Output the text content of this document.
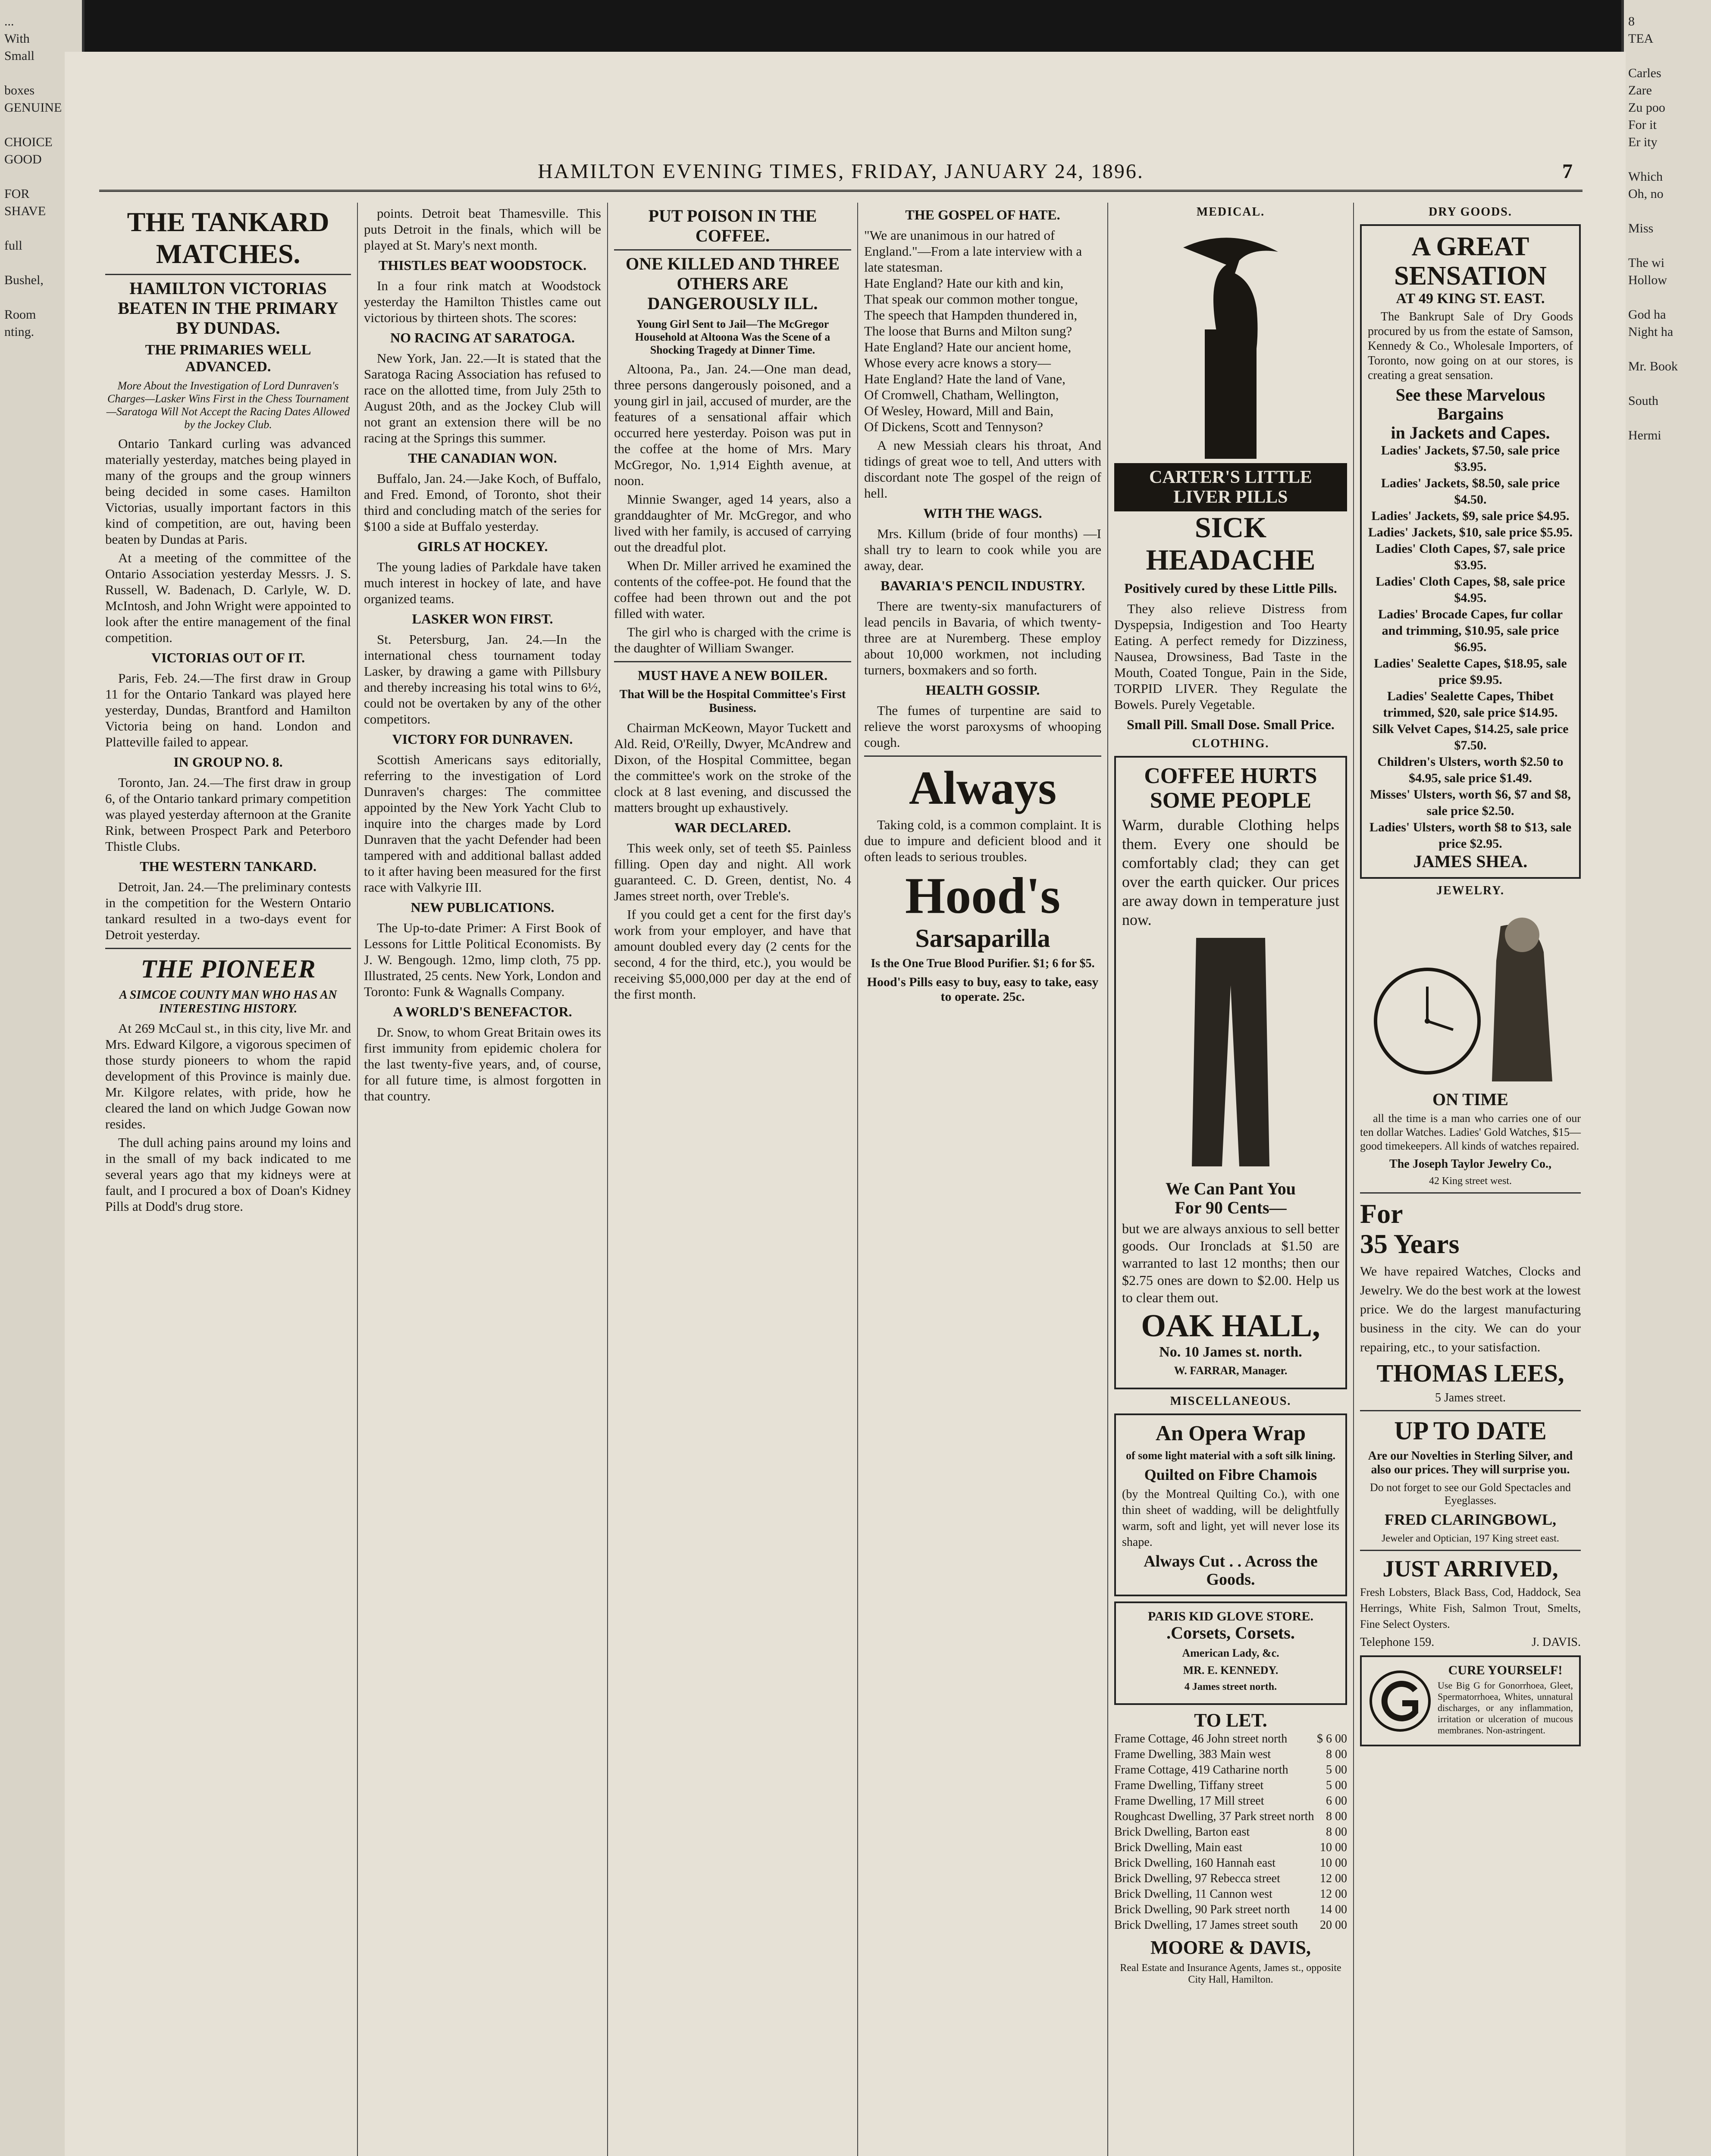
...
With
Small

boxes
GENUINE

CHOICE
GOOD

FOR
SHAVE

full

Bushel,

Room
nting.
8
TEA

Carles
Zare
Zu poo
For it
Er ity

Which
Oh, no

Miss

The wi
Hollow

God ha
Night ha

Mr. Book

South

Hermi
HAMILTON EVENING TIMES, FRIDAY, JANUARY 24, 1896.	7
THE TANKARD MATCHES.
HAMILTON VICTORIAS BEATEN IN THE PRIMARY BY DUNDAS.
THE PRIMARIES WELL ADVANCED.
More About the Investigation of Lord Dunraven's Charges—Lasker Wins First in the Chess Tournament—Saratoga Will Not Accept the Racing Dates Allowed by the Jockey Club.

Ontario Tankard curling was advanced materially yesterday, matches being played in many of the groups and the group winners being decided in some cases. Hamilton Victorias, usually important factors in this kind of competition, are out, having been beaten by Dundas at Paris.

At a meeting of the committee of the Ontario Association yesterday Messrs. J. S. Russell, W. Badenach, D. Carlyle, W. D. McIntosh, and John Wright were appointed to look after the entire management of the final competition.

VICTORIAS OUT OF IT.

Paris, Feb. 24.—The first draw in Group 11 for the Ontario Tankard was played here yesterday, Dundas, Brantford and Hamilton Victoria being on hand. London and Platteville failed to appear.

IN GROUP NO. 8.

Toronto, Jan. 24.—The first draw in group 6, of the Ontario tankard primary competition was played yesterday afternoon at the Granite Rink, between Prospect Park and Peterboro Thistle Clubs.

THE WESTERN TANKARD.

Detroit, Jan. 24.—The preliminary contests in the competition for the Western Ontario tankard resulted in a two-days event for Detroit yesterday.

THE PIONEER
A SIMCOE COUNTY MAN WHO HAS AN INTERESTING HISTORY.

At 269 McCaul st., in this city, live Mr. and Mrs. Edward Kilgore, a vigorous specimen of those sturdy pioneers to whom the rapid development of this Province is mainly due. Mr. Kilgore relates, with pride, how he cleared the land on which Judge Gowan now resides.

The dull aching pains around my loins and in the small of my back indicated to me several years ago that my kidneys were at fault, and I procured a box of Doan's Kidney Pills at Dodd's drug store.

points. Detroit beat Thamesville. This puts Detroit in the finals, which will be played at St. Mary's next month.

THISTLES BEAT WOODSTOCK.

In a four rink match at Woodstock yesterday the Hamilton Thistles came out victorious by thirteen shots. The scores:

NO RACING AT SARATOGA.

New York, Jan. 22.—It is stated that the Saratoga Racing Association has refused to race on the allotted time, from July 25th to August 20th, and as the Jockey Club will not grant an extension there will be no racing at the Springs this summer.

THE CANADIAN WON.

Buffalo, Jan. 24.—Jake Koch, of Buffalo, and Fred. Emond, of Toronto, shot their third and concluding match of the series for $100 a side at Buffalo yesterday.

GIRLS AT HOCKEY.

The young ladies of Parkdale have taken much interest in hockey of late, and have organized teams.

LASKER WON FIRST.

St. Petersburg, Jan. 24.—In the international chess tournament today Lasker, by drawing a game with Pillsbury and thereby increasing his total wins to 6½, could not be overtaken by any of the other competitors.

VICTORY FOR DUNRAVEN.

Scottish Americans says editorially, referring to the investigation of Lord Dunraven's charges: The committee appointed by the New York Yacht Club to inquire into the charges made by Lord Dunraven that the yacht Defender had been tampered with and additional ballast added to it after having been measured for the first race with Valkyrie III.

NEW PUBLICATIONS.

The Up-to-date Primer: A First Book of Lessons for Little Political Economists. By J. W. Bengough. 12mo, limp cloth, 75 pp. Illustrated, 25 cents. New York, London and Toronto: Funk & Wagnalls Company.

A WORLD'S BENEFACTOR.

Dr. Snow, to whom Great Britain owes its first immunity from epidemic cholera for the last twenty-five years, and, of course, for all future time, is almost forgotten in that country.

PUT POISON IN THE COFFEE.
ONE KILLED AND THREE OTHERS ARE DANGEROUSLY ILL.
Young Girl Sent to Jail—The McGregor Household at Altoona Was the Scene of a Shocking Tragedy at Dinner Time.

Altoona, Pa., Jan. 24.—One man dead, three persons dangerously poisoned, and a young girl in jail, accused of murder, are the features of a sensational affair which occurred here yesterday. Poison was put in the coffee at the home of Mrs. Mary McGregor, No. 1,914 Eighth avenue, at noon.

Minnie Swanger, aged 14 years, also a granddaughter of Mr. McGregor, and who lived with her family, is accused of carrying out the dreadful plot.

When Dr. Miller arrived he examined the contents of the coffee-pot. He found that the coffee had been thrown out and the pot filled with water.

The girl who is charged with the crime is the daughter of William Swanger.

MUST HAVE A NEW BOILER.
That Will be the Hospital Committee's First Business.

Chairman McKeown, Mayor Tuckett and Ald. Reid, O'Reilly, Dwyer, McAndrew and Dixon, of the Hospital Committee, began the committee's work on the stroke of the clock at 8 last evening, and discussed the matters brought up exhaustively.

WAR DECLARED.

This week only, set of teeth $5. Painless filling. Open day and night. All work guaranteed. C. D. Green, dentist, No. 4 James street north, over Treble's.

If you could get a cent for the first day's work from your employer, and have that amount doubled every day (2 cents for the second, 4 for the third, etc.), you would be receiving $5,000,000 per day at the end of the first month.

THE GOSPEL OF HATE.

"We are unanimous in our hatred of England."—From a late interview with a late statesman.
Hate England? Hate our kith and kin,
That speak our common mother tongue,
The speech that Hampden thundered in,
The loose that Burns and Milton sung?
Hate England? Hate our ancient home,
Whose every acre knows a story—
Hate England? Hate the land of Vane,
Of Cromwell, Chatham, Wellington,
Of Wesley, Howard, Mill and Bain,
Of Dickens, Scott and Tennyson?

A new Messiah clears his throat, And tidings of great woe to tell, And utters with discordant note The gospel of the reign of hell.

WITH THE WAGS.

Mrs. Killum (bride of four months) —I shall try to learn to cook while you are away, dear.

BAVARIA'S PENCIL INDUSTRY.

There are twenty-six manufacturers of lead pencils in Bavaria, of which twenty-three are at Nuremberg. These employ about 10,000 workmen, not including turners, boxmakers and so forth.

HEALTH GOSSIP.

The fumes of turpentine are said to relieve the worst paroxysms of whooping cough.

Always

Taking cold, is a common complaint. It is due to impure and deficient blood and it often leads to serious troubles.

Hood's
Sarsaparilla
Is the One True Blood Purifier. $1; 6 for $5.
Hood's Pills easy to buy, easy to take, easy to operate. 25c.
MEDICAL.
CARTER'S LITTLE LIVER PILLS
SICK HEADACHE
Positively cured by these Little Pills.

They also relieve Distress from Dyspepsia, Indigestion and Too Hearty Eating. A perfect remedy for Dizziness, Nausea, Drowsiness, Bad Taste in the Mouth, Coated Tongue, Pain in the Side, TORPID LIVER. They Regulate the Bowels. Purely Vegetable.

Small Pill. Small Dose. Small Price.
CLOTHING.
COFFEE HURTS SOME PEOPLE

Warm, durable Clothing helps them. Every one should be comfortably clad; they can get over the earth quicker. Our prices are away down in temperature just now.

We Can Pant You
For 90 Cents—

but we are always anxious to sell better goods. Our Ironclads at $1.50 are warranted to last 12 months; then our $2.75 ones are down to $2.00. Help us to clear them out.

OAK HALL,
No. 10 James st. north.
W. FARRAR, Manager.
MISCELLANEOUS.
An Opera Wrap
of some light material with a soft silk lining.
Quilted on Fibre Chamois

(by the Montreal Quilting Co.), with one thin sheet of wadding, will be delightfully warm, soft and light, yet will never lose its shape.

Always Cut . . Across the Goods.
PARIS KID GLOVE STORE.
.Corsets, Corsets.
American Lady, &c.
MR. E. KENNEDY.
4 James street north.
TO LET.
Frame Cottage, 46 John street north $ 6 00
Frame Dwelling, 383 Main west	8 00
Frame Cottage, 419 Catharine north	5 00
Frame Dwelling, Tiffany street	5 00
Frame Dwelling, 17 Mill street	6 00
Roughcast Dwelling, 37 Park street north 8 00
Brick Dwelling, Barton east	8 00
Brick Dwelling, Main east	10 00
Brick Dwelling, 160 Hannah east	10 00
Brick Dwelling, 97 Rebecca street	12 00
Brick Dwelling, 11 Cannon west	12 00
Brick Dwelling, 90 Park street north 14 00
Brick Dwelling, 17 James street south 20 00
MOORE & DAVIS,
Real Estate and Insurance Agents, James st., opposite City Hall, Hamilton.
DRY GOODS.
A GREAT SENSATION
AT 49 KING ST. EAST.

The Bankrupt Sale of Dry Goods procured by us from the estate of Samson, Kennedy & Co., Wholesale Importers, of Toronto, now going on at our stores, is creating a great sensation.

See these Marvelous Bargains
in Jackets and Capes.
Ladies' Jackets, $7.50, sale price $3.95.
Ladies' Jackets, $8.50, sale price $4.50.
Ladies' Jackets, $9, sale price $4.95.
Ladies' Jackets, $10, sale price $5.95.
Ladies' Cloth Capes, $7, sale price $3.95.
Ladies' Cloth Capes, $8, sale price $4.95.
Ladies' Brocade Capes, fur collar and trimming, $10.95, sale price $6.95.
Ladies' Sealette Capes, $18.95, sale price $9.95.
Ladies' Sealette Capes, Thibet trimmed, $20, sale price $14.95.
Silk Velvet Capes, $14.25, sale price $7.50.
Children's Ulsters, worth $2.50 to $4.95, sale price $1.49.
Misses' Ulsters, worth $6, $7 and $8, sale price $2.50.
Ladies' Ulsters, worth $8 to $13, sale price $2.95.
JAMES SHEA.
JEWELRY.
ON TIME

all the time is a man who carries one of our ten dollar Watches. Ladies' Gold Watches, $15—good timekeepers. All kinds of watches repaired.

The Joseph Taylor Jewelry Co.,
42 King street west.
For
35 Years

We have repaired Watches, Clocks and Jewelry. We do the best work at the lowest price. We do the largest manufacturing business in the city. We can do your repairing, etc., to your satisfaction.

THOMAS LEES,
5 James street.
UP TO DATE
Are our Novelties in Sterling Silver, and also our prices. They will surprise you.
Do not forget to see our Gold Spectacles and Eyeglasses.
FRED CLARINGBOWL,
Jeweler and Optician, 197 King street east.
JUST ARRIVED,

Fresh Lobsters, Black Bass, Cod, Haddock, Sea Herrings, White Fish, Salmon Trout, Smelts, Fine Select Oysters.

Telephone 159.	J. DAVIS.
CURE YOURSELF!

Use Big G for Gonorrhoea, Gleet, Spermatorrhoea, Whites, unnatural discharges, or any inflammation, irritation or ulceration of mucous membranes. Non-astringent.
